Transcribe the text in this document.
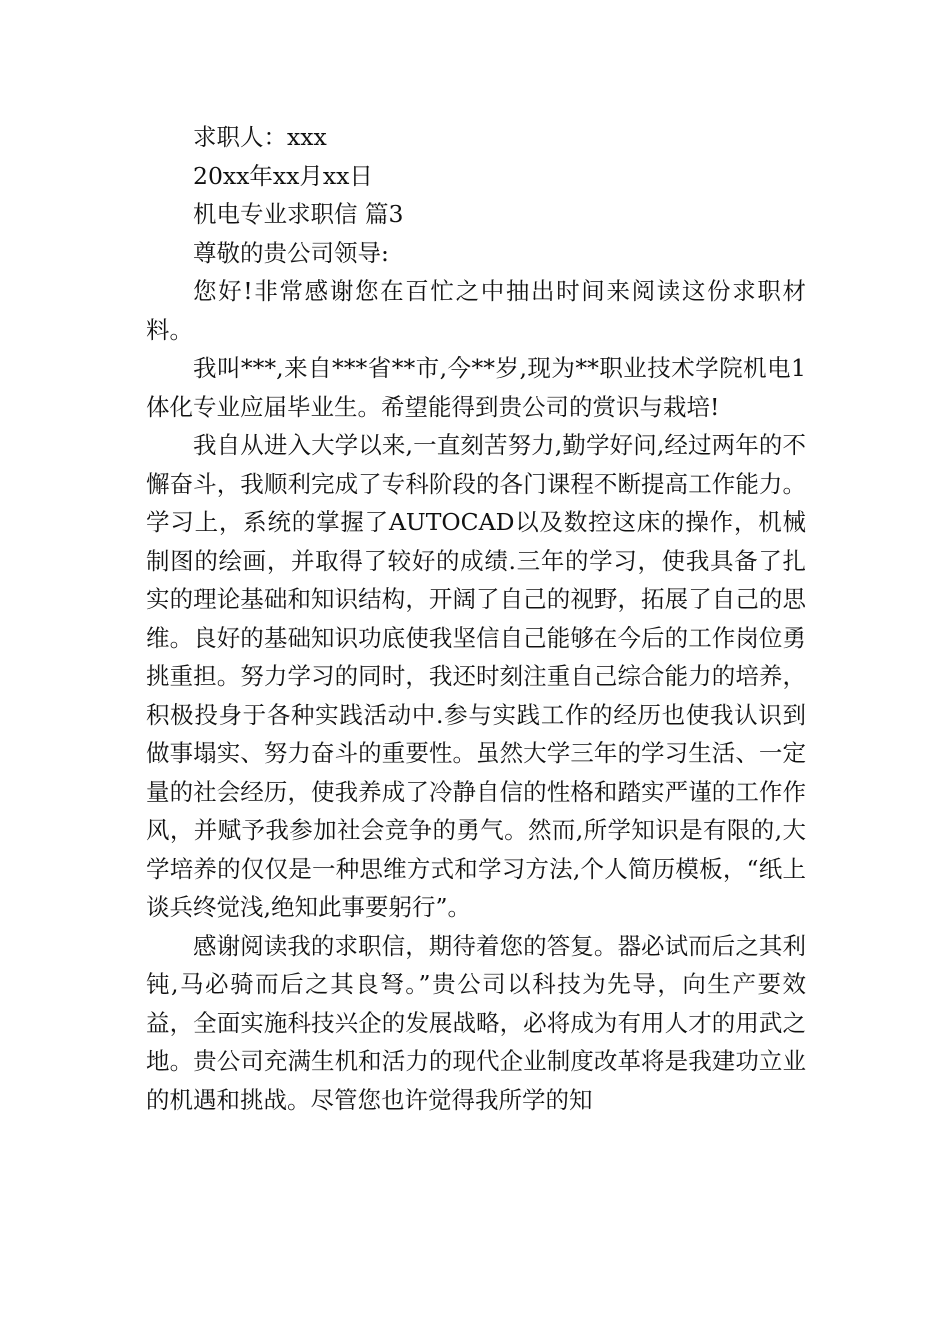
求职人：xxx

20xx年xx月xx日

机电专业求职信 篇3

尊敬的贵公司领导:

您好!非常感谢您在百忙之中抽出时间来阅读这份求职材料。

我叫***,来自***省**市,今**岁,现为**职业技术学院机电1体化专业应届毕业生。希望能得到贵公司的赏识与栽培!

我自从进入大学以来,一直刻苦努力,勤学好问,经过两年的不懈奋斗，我顺利完成了专科阶段的各门课程不断提高工作能力。学习上，系统的掌握了AUTOCAD以及数控这床的操作，机械制图的绘画，并取得了较好的成绩.三年的学习，使我具备了扎实的理论基础和知识结构，开阔了自己的视野，拓展了自己的思维。良好的基础知识功底使我坚信自己能够在今后的工作岗位勇挑重担。努力学习的同时，我还时刻注重自己综合能力的培养，积极投身于各种实践活动中.参与实践工作的经历也使我认识到做事塌实、努力奋斗的重要性。虽然大学三年的学习生活、一定量的社会经历，使我养成了冷静自信的性格和踏实严谨的工作作风，并赋予我参加社会竞争的勇气。然而,所学知识是有限的,大学培养的仅仅是一种思维方式和学习方法,个人简历模板，“纸上谈兵终觉浅,绝知此事要躬行”。

感谢阅读我的求职信，期待着您的答复。器必试而后之其利钝,马必骑而后之其良弩。”贵公司以科技为先导，向生产要效益，全面实施科技兴企的发展战略，必将成为有用人才的用武之地。贵公司充满生机和活力的现代企业制度改革将是我建功立业的机遇和挑战。尽管您也许觉得我所学的知
